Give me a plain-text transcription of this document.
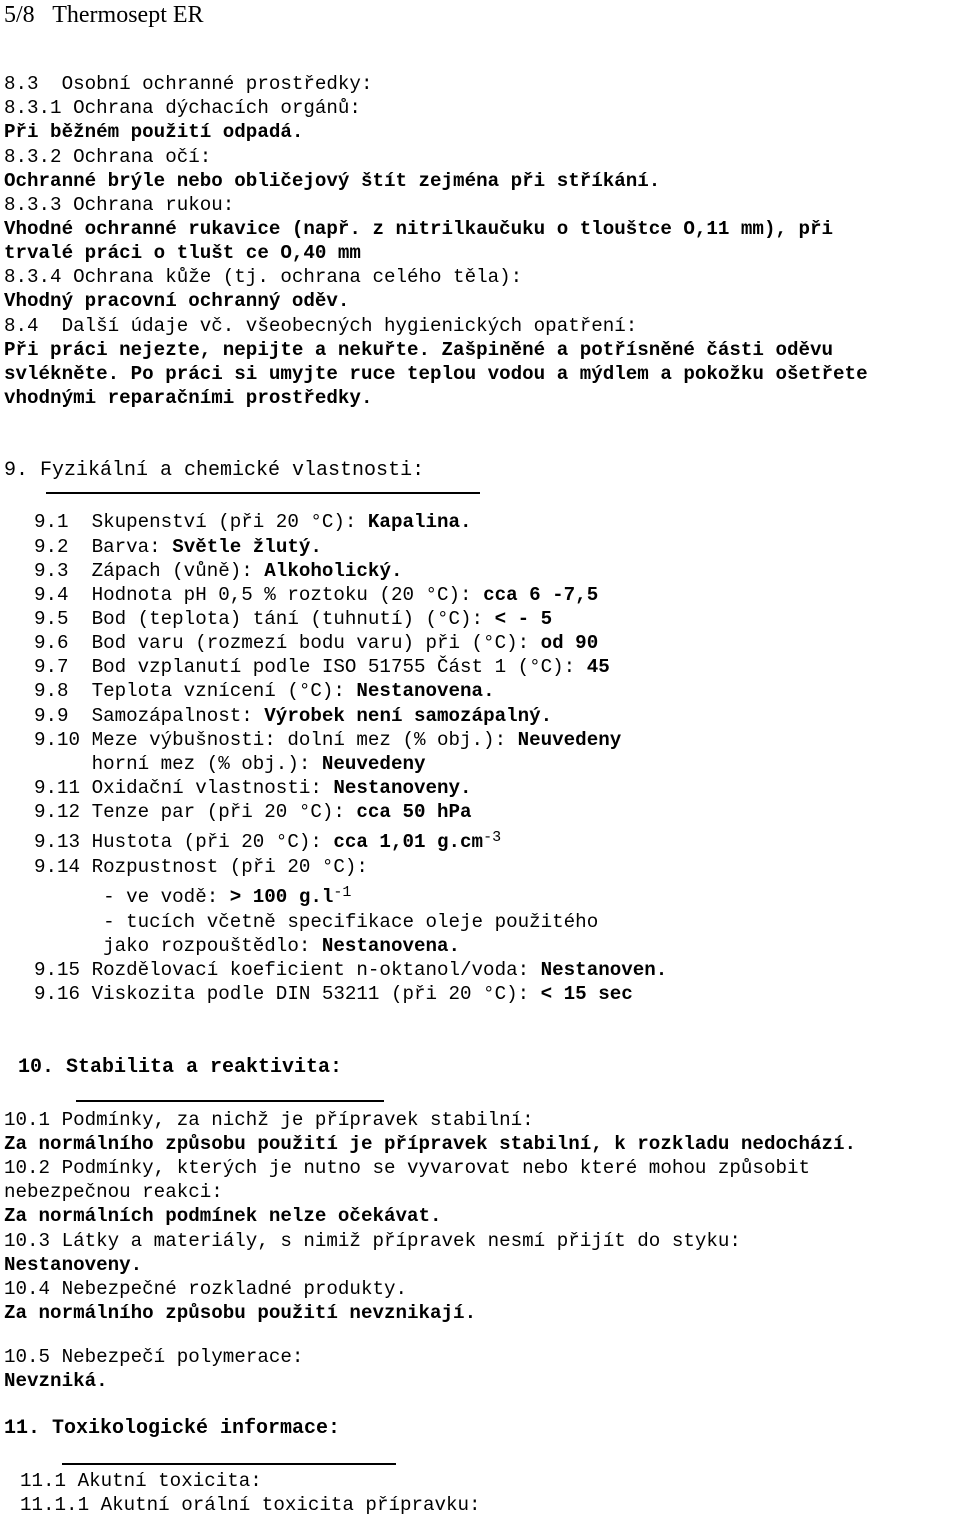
5/8   Thermosept ER
8.3  Osobní ochranné prostředky:
8.3.1 Ochrana dýchacích orgánů:
Při běžném použití odpadá.
8.3.2 Ochrana očí:
Ochranné brýle nebo obličejový štít zejména při stříkání.
8.3.3 Ochrana rukou:
Vhodné ochranné rukavice (např. z nitrilkaučuku o tlouštce O,11 mm), při
trvalé práci o tlušt ce O,40 mm
8.3.4 Ochrana kůže (tj. ochrana celého těla):
Vhodný pracovní ochranný oděv.
8.4  Další údaje vč. všeobecných hygienických opatření:
Při práci nejezte, nepijte a nekuřte. Zašpiněné a potřísněné části oděvu
svlékněte. Po práci si umyjte ruce teplou vodou a mýdlem a pokožku ošetřete
vhodnými reparačními prostředky.
9. Fyzikální a chemické vlastnosti:
9.1  Skupenství (při 20 °C): Kapalina.
9.2  Barva: Světle žlutý.
9.3  Zápach (vůně): Alkoholický.
9.4  Hodnota pH 0,5 % roztoku (20 °C): cca 6 -7,5
9.5  Bod (teplota) tání (tuhnutí) (°C): < - 5
9.6  Bod varu (rozmezí bodu varu) při (°C): od 90
9.7  Bod vzplanutí podle ISO 51755 Část 1 (°C): 45
9.8  Teplota vznícení (°C): Nestanovena.
9.9  Samozápalnost: Výrobek není samozápalný.
9.10 Meze výbušnosti: dolní mez (% obj.): Neuvedeny
horní mez (% obj.): Neuvedeny
9.11 Oxidační vlastnosti: Nestanoveny.
9.12 Tenze par (při 20 °C): cca 50 hPa
9.13 Hustota (při 20 °C): cca 1,01 $g.cm^{-3}$
9.14 Rozpustnost (při 20 °C):
- ve vodě: > 100 $g.l^{-1}$
- tucích včetně specifikace oleje použitého
jako rozpouštědlo: Nestanovena.
9.15 Rozdělovací koeficient n-oktanol/voda: Nestanoven.
9.16 Viskozita podle DIN 53211 (při 20 °C): < 15 sec
10. Stabilita a reaktivita:
10.1 Podmínky, za nichž je přípravek stabilní:
Za normálního způsobu použití je přípravek stabilní, k rozkladu nedochází.
10.2 Podmínky, kterých je nutno se vyvarovat nebo které mohou způsobit
nebezpečnou reakci:
Za normálních podmínek nelze očekávat.
10.3 Látky a materiály, s nimiž přípravek nesmí přijít do styku:
Nestanoveny.
10.4 Nebezpečné rozkladné produkty.
Za normálního způsobu použití nevznikají.
10.5 Nebezpečí polymerace:
Nevzniká.
11. Toxikologické informace:
11.1 Akutní toxicita:
11.1.1 Akutní orální toxicita přípravku:
